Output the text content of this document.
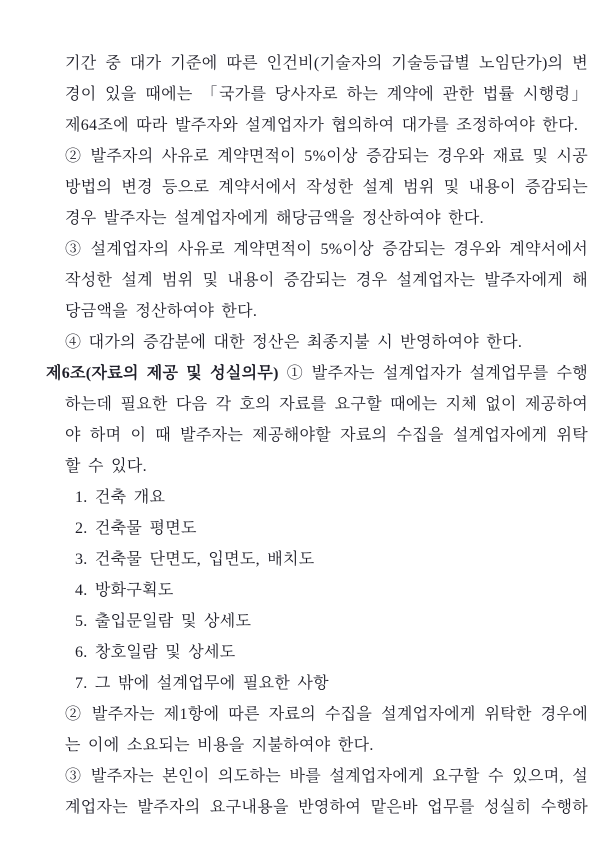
기간 중 대가 기준에 따른 인건비(기술자의 기술등급별 노임단가)의 변
경이 있을 때에는 「국가를 당사자로 하는 계약에 관한 법률 시행령」
제64조에 따라 발주자와 설계업자가 협의하여 대가를 조정하여야 한다.
② 발주자의 사유로 계약면적이 5%이상 증감되는 경우와 재료 및 시공
방법의 변경 등으로 계약서에서 작성한 설계 범위 및 내용이 증감되는
경우 발주자는 설계업자에게 해당금액을 정산하여야 한다.
③ 설계업자의 사유로 계약면적이 5%이상 증감되는 경우와 계약서에서
작성한 설계 범위 및 내용이 증감되는 경우 설계업자는 발주자에게 해
당금액을 정산하여야 한다.
④ 대가의 증감분에 대한 정산은 최종지불 시 반영하여야 한다.
제6조(자료의 제공 및 성실의무) ① 발주자는 설계업자가 설계업무를 수행
하는데 필요한 다음 각 호의 자료를 요구할 때에는 지체 없이 제공하여
야 하며 이 때 발주자는 제공해야할 자료의 수집을 설계업자에게 위탁
할 수 있다.
1. 건축 개요
2. 건축물 평면도
3. 건축물 단면도, 입면도, 배치도
4. 방화구획도
5. 출입문일람 및 상세도
6. 창호일람 및 상세도
7. 그 밖에 설계업무에 필요한 사항
② 발주자는 제1항에 따른 자료의 수집을 설계업자에게 위탁한 경우에
는 이에 소요되는 비용을 지불하여야 한다.
③ 발주자는 본인이 의도하는 바를 설계업자에게 요구할 수 있으며, 설
계업자는 발주자의 요구내용을 반영하여 맡은바 업무를 성실히 수행하
